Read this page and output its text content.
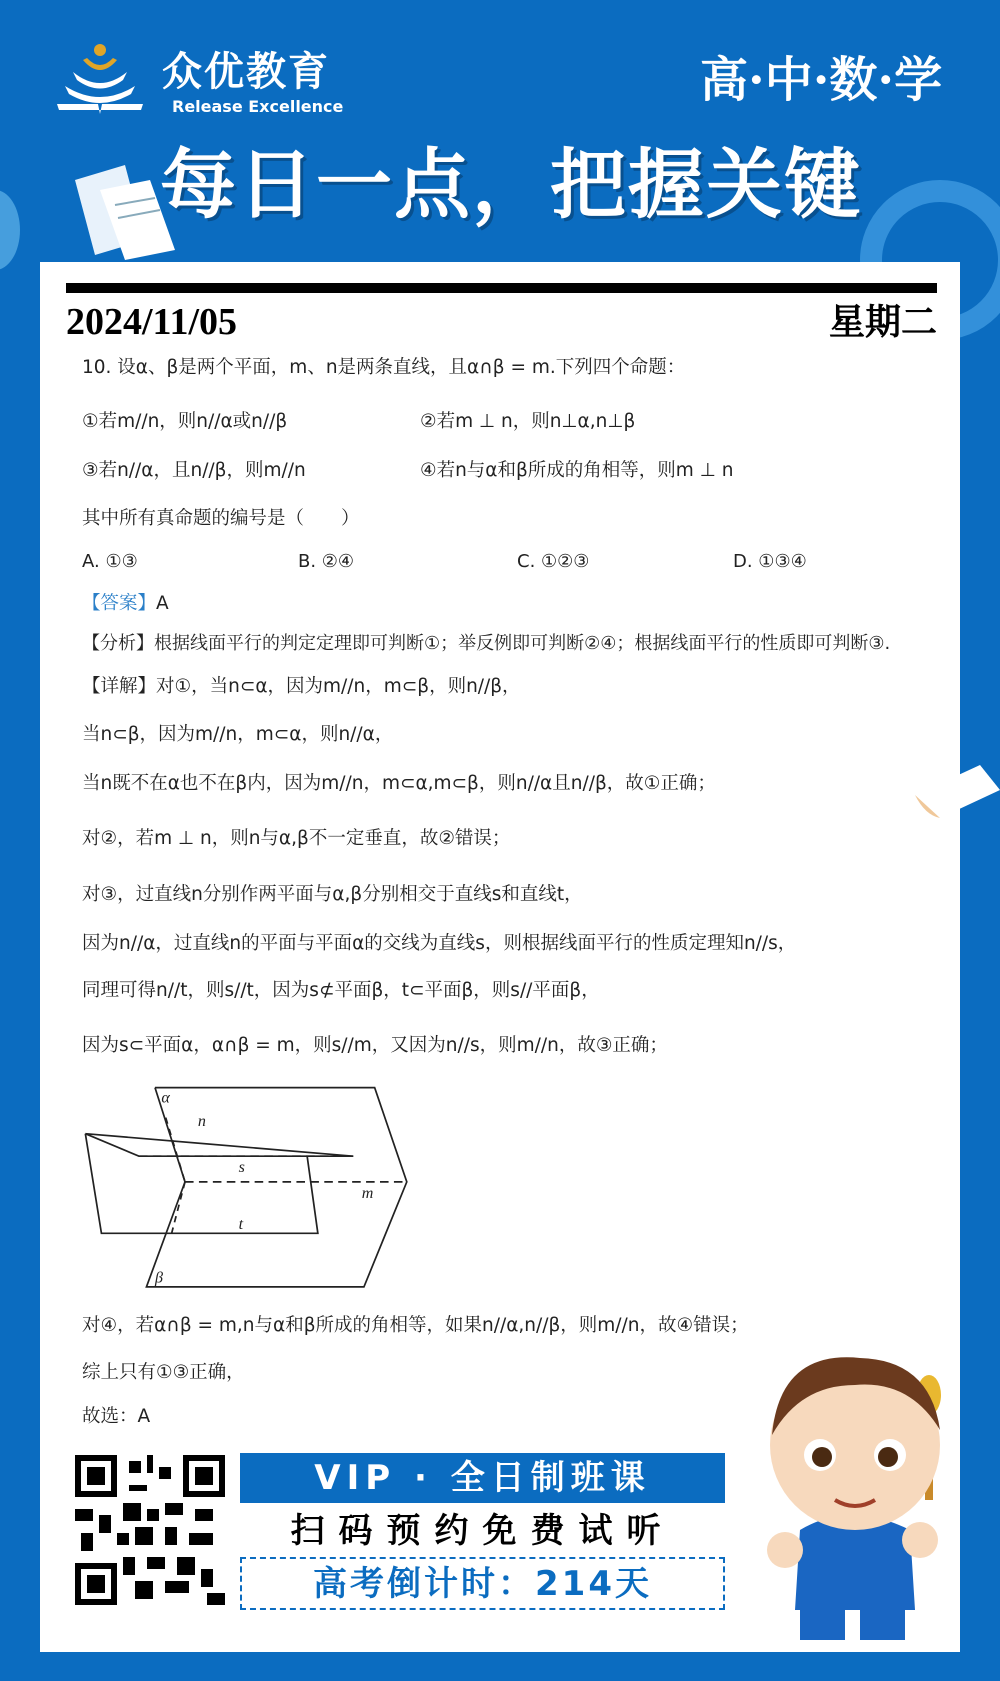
众优教育
Release Excellence	高·中·数·学
每日一点，把握关键
2024/11/05	星期二
10. 设α、β是两个平面，m、n是两条直线，且α∩β = m.下列四个命题：
①若m//n，则n//α或n//β	②若m ⊥ n，则n⊥α,n⊥β
③若n//α，且n//β，则m//n	④若n与α和β所成的角相等，则m ⊥ n
其中所有真命题的编号是（　　）
A. ①③	B. ②④	C. ①②③	D. ①③④
【答案】A
【分析】根据线面平行的判定定理即可判断①；举反例即可判断②④；根据线面平行的性质即可判断③.
【详解】对①，当n⊂α，因为m//n，m⊂β，则n//β，
当n⊂β，因为m//n，m⊂α，则n//α，
当n既不在α也不在β内，因为m//n，m⊂α,m⊂β，则n//α且n//β，故①正确；
对②，若m ⊥ n，则n与α,β不一定垂直，故②错误；
对③，过直线n分别作两平面与α,β分别相交于直线s和直线t，
因为n//α，过直线n的平面与平面α的交线为直线s，则根据线面平行的性质定理知n//s，
同理可得n//t，则s//t，因为s⊄平面β，t⊂平面β，则s//平面β，
因为s⊂平面α，α∩β = m，则s//m，又因为n//s，则m//n，故③正确；
α
β
n
s
t
m
对④，若α∩β = m,n与α和β所成的角相等，如果n//α,n//β，则m//n，故④错误；
综上只有①③正确，
故选：A
VIP · 全日制班课
扫码预约免费试听
高考倒计时：214天
